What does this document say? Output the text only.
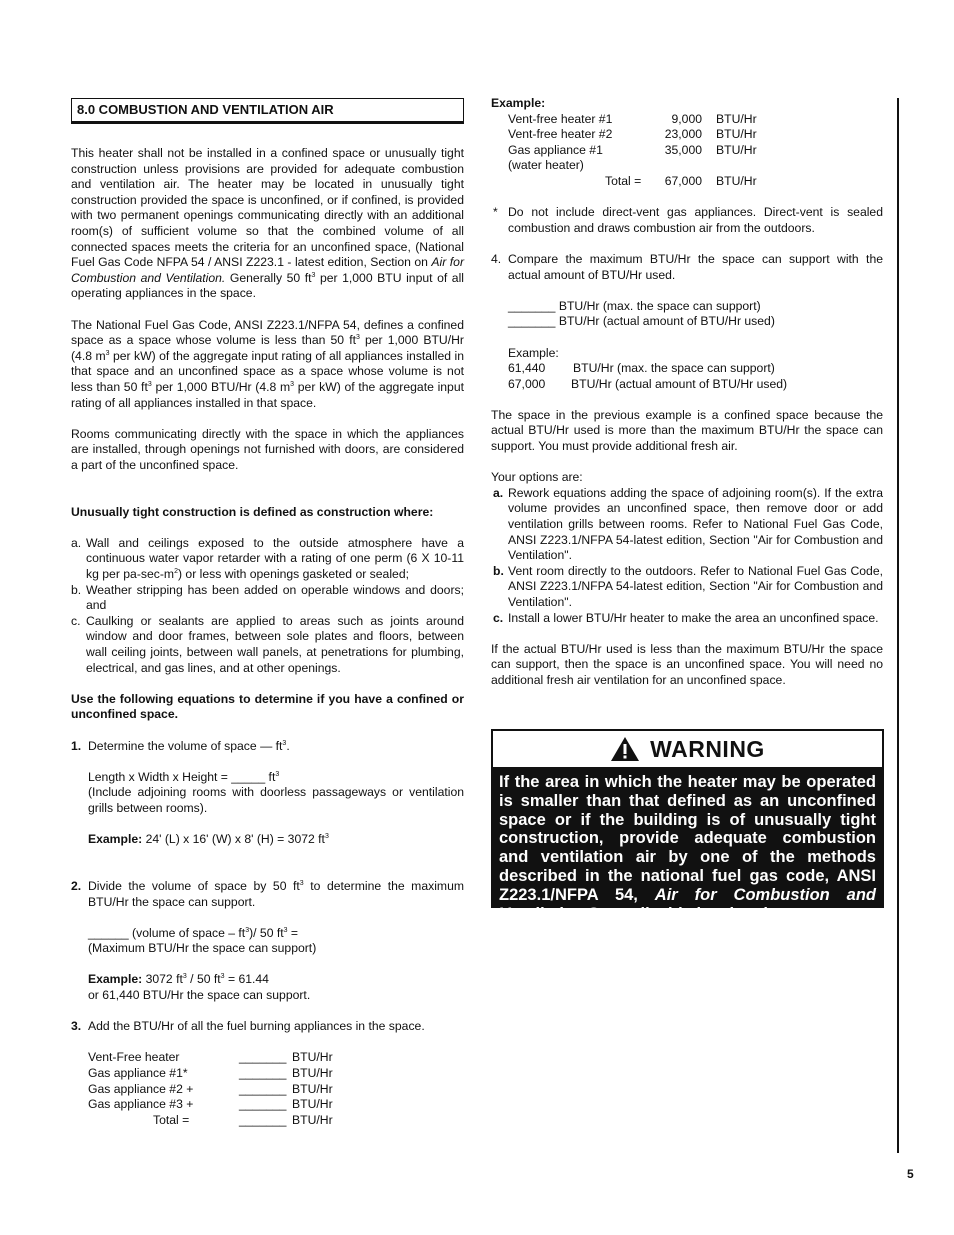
8.0 COMBUSTION AND VENTILATION AIR

This heater shall not be installed in a confined space or unusually tight construction unless provisions are provided for adequate combustion and ventilation air. The heater may be located in unusually tight construction provided the space is unconfined, or if confined, is provided with two permanent openings communicating directly with an additional room(s) of sufficient volume so that the combined volume of all connected spaces meets the criteria for an unconfined space, (National Fuel Gas Code NFPA 54 / ANSI Z223.1 - latest edition, Section on Air for Combustion and Ventilation. Generally 50 $ft^3$ per 1,000 BTU input of all operating appliances in the space.

The National Fuel Gas Code, ANSI Z223.1/NFPA 54, defines a confined space as a space whose volume is less than 50 $ft^3$ per 1,000 BTU/Hr (4.8 $m^3$ per kW) of the aggregate input rating of all appliances installed in that space and an unconfined space as a space whose volume is not less than 50 $ft^3$ per 1,000 BTU/Hr (4.8 $m^3$ per kW) of the aggregate input rating of all appliances installed in that space.

Rooms communicating directly with the space in which the appliances are installed, through openings not furnished with doors, are considered a part of the unconfined space.

Unusually tight construction is defined as construction where:

a. Wall and ceilings exposed to the outside atmosphere have a continuous water vapor retarder with a rating of one perm (6 X 10-11 kg per $pa-\sec-m^2$) or less with openings gasketed or sealed;
b. Weather stripping has been added on operable windows and doors; and
c. Caulking or sealants are applied to areas such as joints around window and door frames, between sole plates and floors, between wall ceiling joints, between wall panels, at penetrations for plumbing, electrical, and gas lines, and at other openings.

Use the following equations to determine if you have a confined or unconfined space.

1. Determine the volume of space — $ft^3$.

Length x Width x Height = _____ $ft^3$

(Include adjoining rooms with doorless passageways or ventilation grills between rooms).

Example: 24' (L) x 16' (W) x 8' (H) = 3072 $ft^3$

2. Divide the volume of space by 50 $ft^3$ to determine the maximum BTU/Hr the space can support.

______ (volume of space – $ft^3)/$ 50 $ft^3$ =

(Maximum BTU/Hr the space can support)

Example: 3072 $ft^3 / 50$ $ft^3 = 61.44$

or 61,440 BTU/Hr the space can support.

3. Add the BTU/Hr of all the fuel burning appliances in the space.

Vent-Free heater	_______ BTU/Hr
Gas appliance #1*	_______ BTU/Hr
Gas appliance #2 +	_______ BTU/Hr
Gas appliance #3 +	_______ BTU/Hr
Total =	_______ BTU/Hr

Example:

Vent-free heater #1	9,000 BTU/Hr
Vent-free heater #2	23,000 BTU/Hr
Gas appliance #1	35,000 BTU/Hr
(water heater)
Total = 67,000 BTU/Hr
* Do not include direct-vent gas appliances. Direct-vent is sealed combustion and draws combustion air from the outdoors.

4. Compare the maximum BTU/Hr the space can support with the actual amount of BTU/Hr used.

_______ BTU/Hr (max. the space can support)

_______ BTU/Hr (actual amount of BTU/Hr used)

Example:

61,440 BTU/Hr (max. the space can support)
67,000 BTU/Hr (actual amount of BTU/Hr used)

The space in the previous example is a confined space because the actual BTU/Hr used is more than the maximum BTU/Hr the space can support. You must provide additional fresh air.

Your options are:

a. Rework equations adding the space of adjoining room(s). If the extra volume provides an unconfined space, then remove door or add ventilation grills between rooms. Refer to National Fuel Gas Code, ANSI Z223.1/NFPA 54-latest edition, Section "Air for Combustion and Ventilation".

b. Vent room directly to the outdoors. Refer to National Fuel Gas Code, ANSI Z223.1/NFPA 54-latest edition, Section "Air for Combustion and Ventilation".

c. Install a lower BTU/Hr heater to make the area an unconfined space.

If the actual BTU/Hr used is less than the maximum BTU/Hr the space can support, then the space is an unconfined space. You will need no additional fresh air ventilation for an unconfined space.

WARNING
If the area in which the heater may be operated is smaller than that defined as an unconfined space or if the building is of unusually tight construction, provide adequate combustion and ventilation air by one of the methods described in the national fuel gas code, ANSI Z223.1/NFPA 54, Air for Combustion and Ventilation Or applicable local codes.
5
